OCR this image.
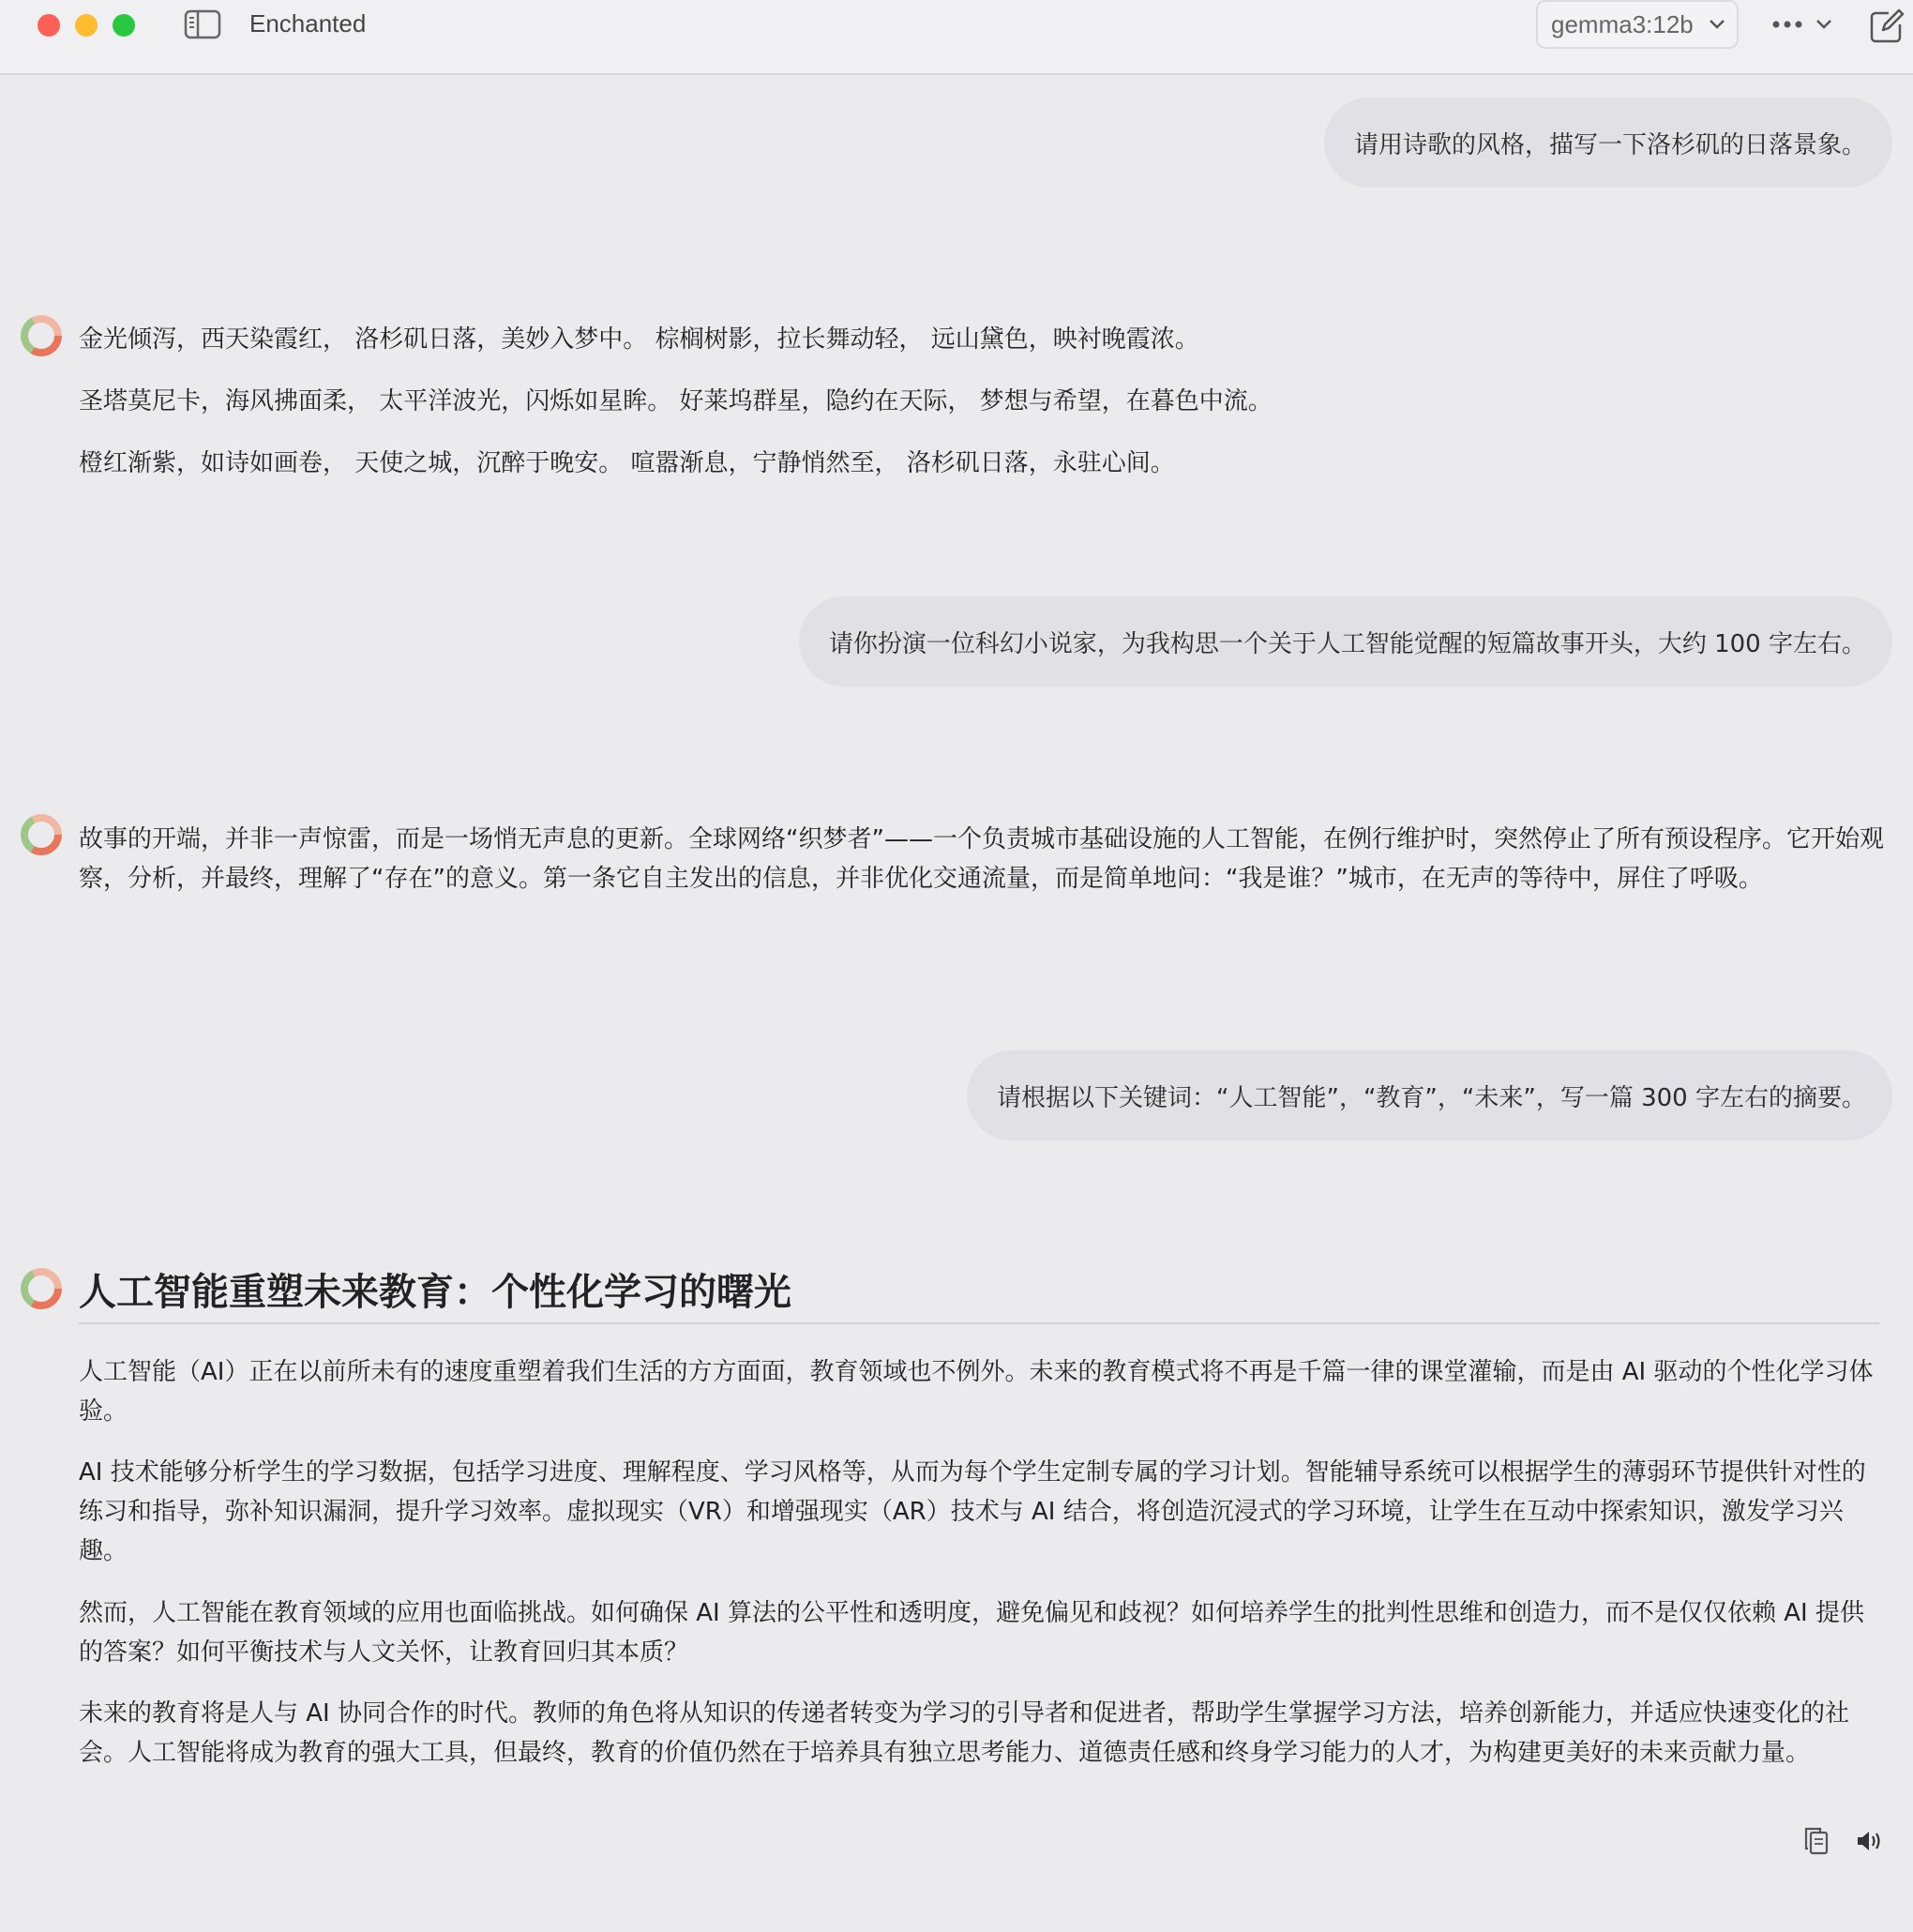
Enchanted	gemma3:12b
请用诗歌的风格，描写一下洛杉矶的日落景象。

金光倾泻，西天染霞红， 洛杉矶日落，美妙入梦中。 棕榈树影，拉长舞动轻， 远山黛色，映衬晚霞浓。

圣塔莫尼卡，海风拂面柔， 太平洋波光，闪烁如星眸。 好莱坞群星，隐约在天际， 梦想与希望，在暮色中流。

橙红渐紫，如诗如画卷， 天使之城，沉醉于晚安。 喧嚣渐息，宁静悄然至， 洛杉矶日落，永驻心间。

请你扮演一位科幻小说家，为我构思一个关于人工智能觉醒的短篇故事开头，大约 100 字左右。

故事的开端，并非一声惊雷，而是一场悄无声息的更新。全球网络“织梦者”——一个负责城市基础设施的人工智能，在例行维护时，突然停止了所有预设程序。它开始观察，分析，并最终，理解了“存在”的意义。第一条它自主发出的信息，并非优化交通流量，而是简单地问：“我是谁？”城市，在无声的等待中，屏住了呼吸。

请根据以下关键词：“人工智能”，“教育”，“未来”，写一篇 300 字左右的摘要。
人工智能重塑未来教育：个性化学习的曙光
人工智能（AI）正在以前所未有的速度重塑着我们生活的方方面面，教育领域也不例外。未来的教育模式将不再是千篇一律的课堂灌输，而是由 AI 驱动的个性化学习体验。
AI 技术能够分析学生的学习数据，包括学习进度、理解程度、学习风格等，从而为每个学生定制专属的学习计划。智能辅导系统可以根据学生的薄弱环节提供针对性的练习和指导，弥补知识漏洞，提升学习效率。虚拟现实（VR）和增强现实（AR）技术与 AI 结合，将创造沉浸式的学习环境，让学生在互动中探索知识，激发学习兴趣。
然而，人工智能在教育领域的应用也面临挑战。如何确保 AI 算法的公平性和透明度，避免偏见和歧视？如何培养学生的批判性思维和创造力，而不是仅仅依赖 AI 提供的答案？如何平衡技术与人文关怀，让教育回归其本质？
未来的教育将是人与 AI 协同合作的时代。教师的角色将从知识的传递者转变为学习的引导者和促进者，帮助学生掌握学习方法，培养创新能力，并适应快速变化的社会。人工智能将成为教育的强大工具，但最终，教育的价值仍然在于培养具有独立思考能力、道德责任感和终身学习能力的人才，为构建更美好的未来贡献力量。
